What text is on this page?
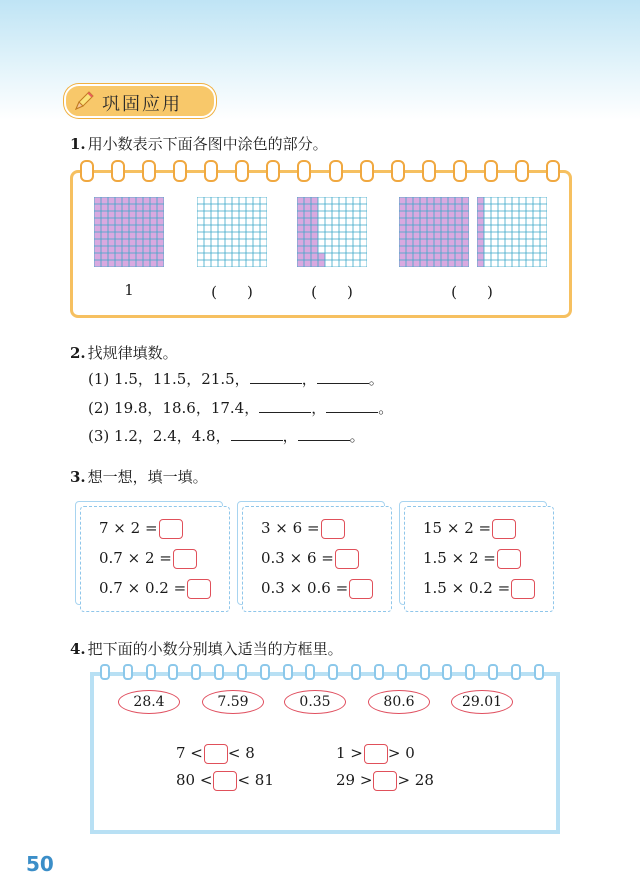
巩固应用
1. 用小数表示下面各图中涂色的部分。
1	(　　)	(　　)	(　　)
2. 找规律填数。
(1) 1.5，11.5，21.5，	，	。
(2) 19.8，18.6，17.4，	，	。
(3) 1.2，2.4，4.8，	，	。
3. 想一想，填一填。
7 × 2 =
0.7 × 2 =
0.7 × 0.2 =
3 × 6 =
0.3 × 6 =
0.3 × 0.6 =
15 × 2 =
1.5 × 2 =
1.5 × 0.2 =
4. 把下面的小数分别填入适当的方框里。
28.4	7.59	0.35	80.6	29.01
7 < < 8	1 > > 0
80 < < 81	29 > > 28
50
